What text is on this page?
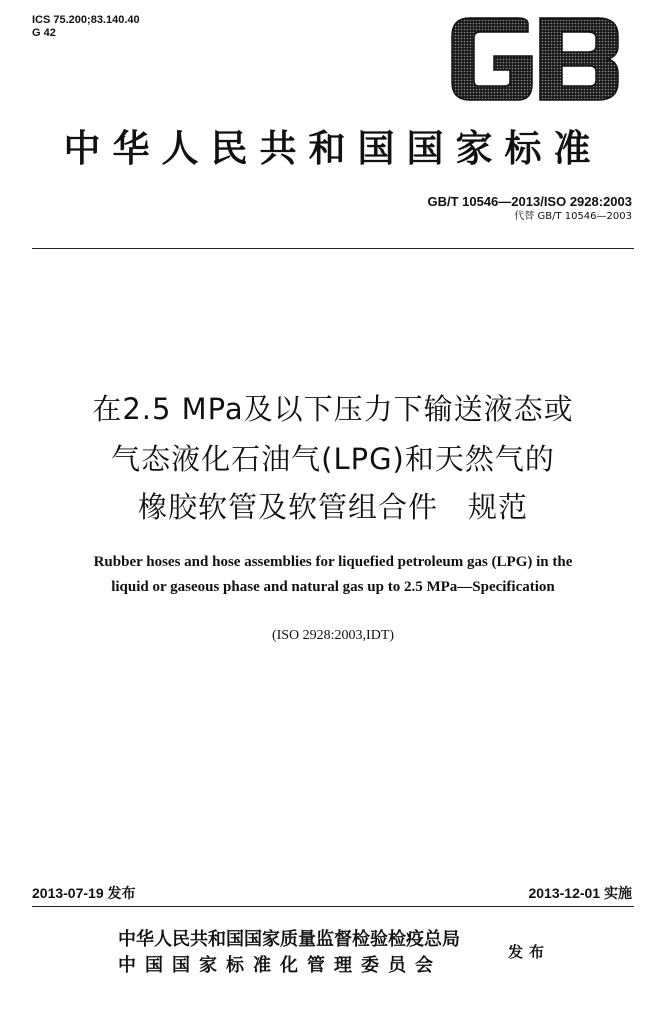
ICS 75.200;83.140.40
G 42
中华人民共和国国家标准
GB/T 10546—2013/ISO 2928:2003
代替 GB/T 10546—2003
在2.5 MPa及以下压力下输送液态或
气态液化石油气(LPG)和天然气的
橡胶软管及软管组合件　规范
Rubber hoses and hose assemblies for liquefied petroleum gas (LPG) in the
liquid or gaseous phase and natural gas up to 2.5 MPa—Specification
(ISO 2928:2003,IDT)
2013-07-19 发布	2013-12-01 实施
中华人民共和国国家质量监督检验检疫总局
中国国家标准化管理委员会
发布
